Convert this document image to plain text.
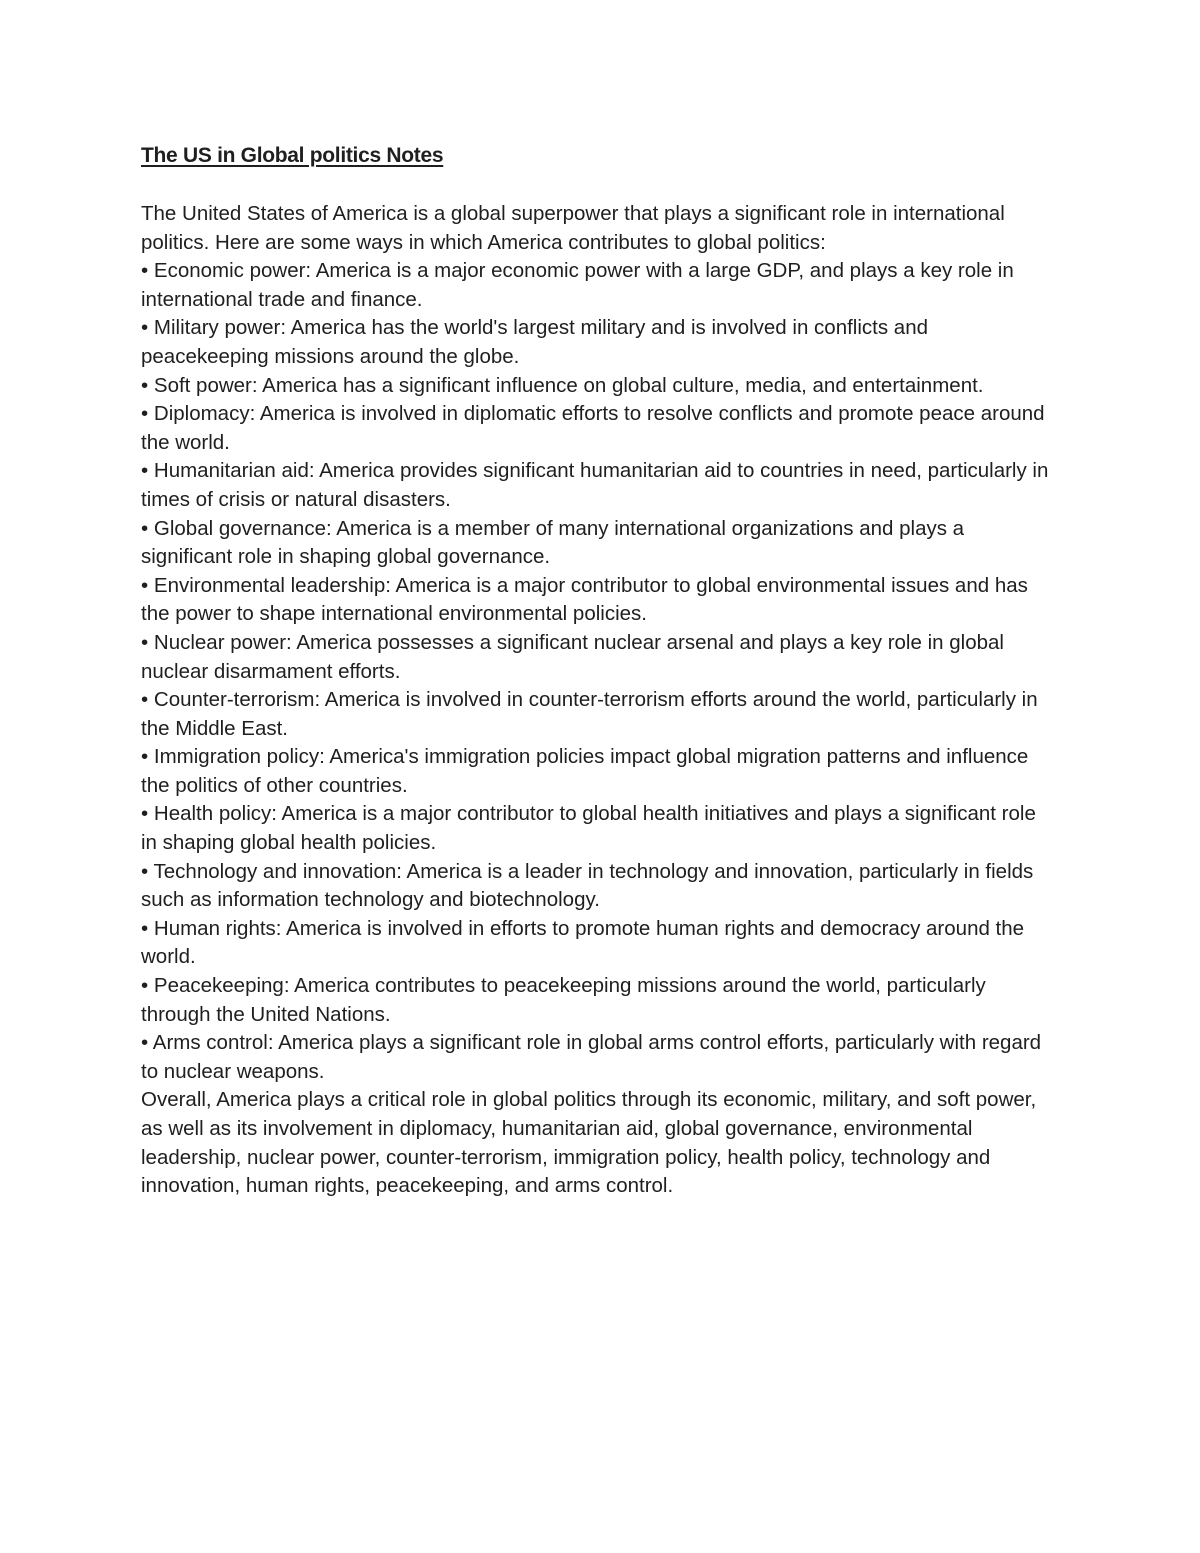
The US in Global politics Notes

The United States of America is a global superpower that plays a significant role in international politics. Here are some ways in which America contributes to global politics:

• Economic power: America is a major economic power with a large GDP, and plays a key role in international trade and finance.
• Military power: America has the world's largest military and is involved in conflicts and peacekeeping missions around the globe.
• Soft power: America has a significant influence on global culture, media, and entertainment.
• Diplomacy: America is involved in diplomatic efforts to resolve conflicts and promote peace around the world.
• Humanitarian aid: America provides significant humanitarian aid to countries in need, particularly in times of crisis or natural disasters.
• Global governance: America is a member of many international organizations and plays a significant role in shaping global governance.
• Environmental leadership: America is a major contributor to global environmental issues and has the power to shape international environmental policies.
• Nuclear power: America possesses a significant nuclear arsenal and plays a key role in global nuclear disarmament efforts.
• Counter-terrorism: America is involved in counter-terrorism efforts around the world, particularly in the Middle East.
• Immigration policy: America's immigration policies impact global migration patterns and influence the politics of other countries.
• Health policy: America is a major contributor to global health initiatives and plays a significant role in shaping global health policies.
• Technology and innovation: America is a leader in technology and innovation, particularly in fields such as information technology and biotechnology.
• Human rights: America is involved in efforts to promote human rights and democracy around the world.
• Peacekeeping: America contributes to peacekeeping missions around the world, particularly through the United Nations.
• Arms control: America plays a significant role in global arms control efforts, particularly with regard to nuclear weapons.

Overall, America plays a critical role in global politics through its economic, military, and soft power, as well as its involvement in diplomacy, humanitarian aid, global governance, environmental leadership, nuclear power, counter-terrorism, immigration policy, health policy, technology and innovation, human rights, peacekeeping, and arms control.
